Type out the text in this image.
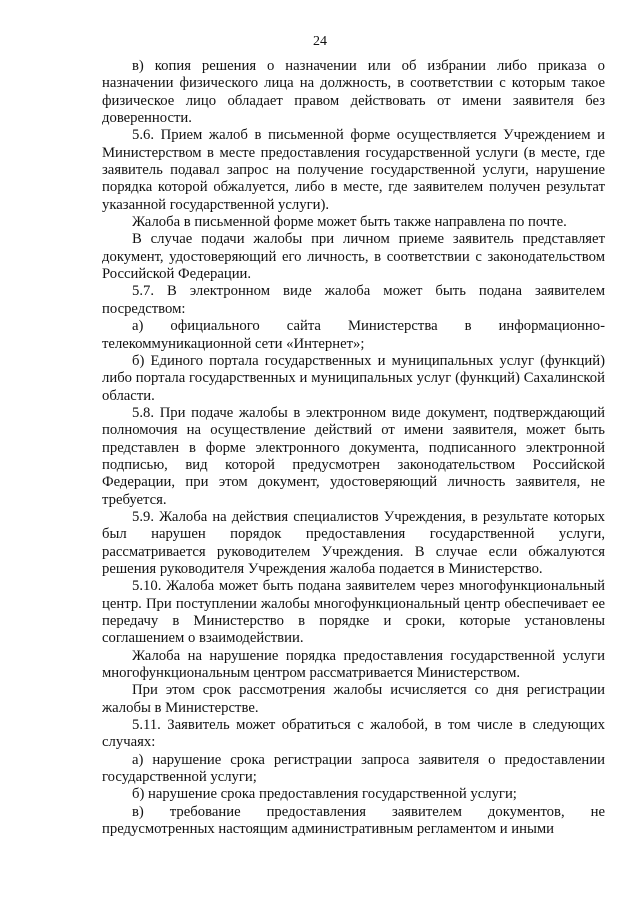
24

в) копия решения о назначении или об избрании либо приказа о назначении физического лица на должность, в соответствии с которым такое физическое лицо обладает правом действовать от имени заявителя без доверенности.

5.6. Прием жалоб в письменной форме осуществляется Учреждением и Министерством в месте предоставления государственной услуги (в месте, где заявитель подавал запрос на получение государственной услуги, нарушение порядка которой обжалуется, либо в месте, где заявителем получен результат указанной государственной услуги).

Жалоба в письменной форме может быть также направлена по почте.

В случае подачи жалобы при личном приеме заявитель представляет документ, удостоверяющий его личность, в соответствии с законодательством Российской Федерации.

5.7. В электронном виде жалоба может быть подана заявителем посредством:

а) официального сайта Министерства в информационно-телекоммуникационной сети «Интернет»;

б) Единого портала государственных и муниципальных услуг (функций) либо портала государственных и муниципальных услуг (функций) Сахалинской области.

5.8. При подаче жалобы в электронном виде документ, подтверждающий полномочия на осуществление действий от имени заявителя, может быть представлен в форме электронного документа, подписанного электронной подписью, вид которой предусмотрен законодательством Российской Федерации, при этом документ, удостоверяющий личность заявителя, не требуется.

5.9. Жалоба на действия специалистов Учреждения, в результате которых был нарушен порядок предоставления государственной услуги, рассматривается руководителем Учреждения. В случае если обжалуются решения руководителя Учреждения жалоба подается в Министерство.

5.10. Жалоба может быть подана заявителем через многофункциональный центр. При поступлении жалобы многофункциональный центр обеспечивает ее передачу в Министерство в порядке и сроки, которые установлены соглашением о взаимодействии.

Жалоба на нарушение порядка предоставления государственной услуги многофункциональным центром рассматривается Министерством.

При этом срок рассмотрения жалобы исчисляется со дня регистрации жалобы в Министерстве.

5.11. Заявитель может обратиться с жалобой, в том числе в следующих случаях:

а) нарушение срока регистрации запроса заявителя о предоставлении государственной услуги;

б) нарушение срока предоставления государственной услуги;

в) требование предоставления заявителем документов, не предусмотренных настоящим административным регламентом и иными
